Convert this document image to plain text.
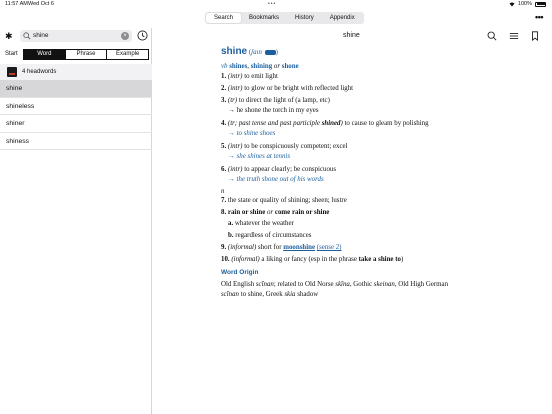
11:57 AM Wed Oct 6	•••	100%
Search	Bookmarks	History	Appendix	•••
✱	shine	×
Start	Word	Phrase	Example
4 headwords
shine
shineless
shiner
shiness
shine
shine (ʃaın )
vb shines, shining or shone
1. (intr) to emit light
2. (intr) to glow or be bright with reflected light
3. (tr) to direct the light of (a lamp, etc)
→ he shone the torch in my eyes
4. (tr; past tense and past participle shined) to cause to gleam by polishing
→ to shine shoes
5. (intr) to be conspicuously competent; excel
→ she shines at tennis
6. (intr) to appear clearly; be conspicuous
→ the truth shone out of his words
n
7. the state or quality of shining; sheen; lustre
8. rain or shine or come rain or shine
a. whatever the weather
b. regardless of circumstances
9. (informal) short for moonshine (sense 2)
10. (informal) a liking or fancy (esp in the phrase take a shine to)
Word Origin
Old English scīnan; related to Old Norse skīna, Gothic skeinan, Old High German
scīnan to shine, Greek skia shadow
